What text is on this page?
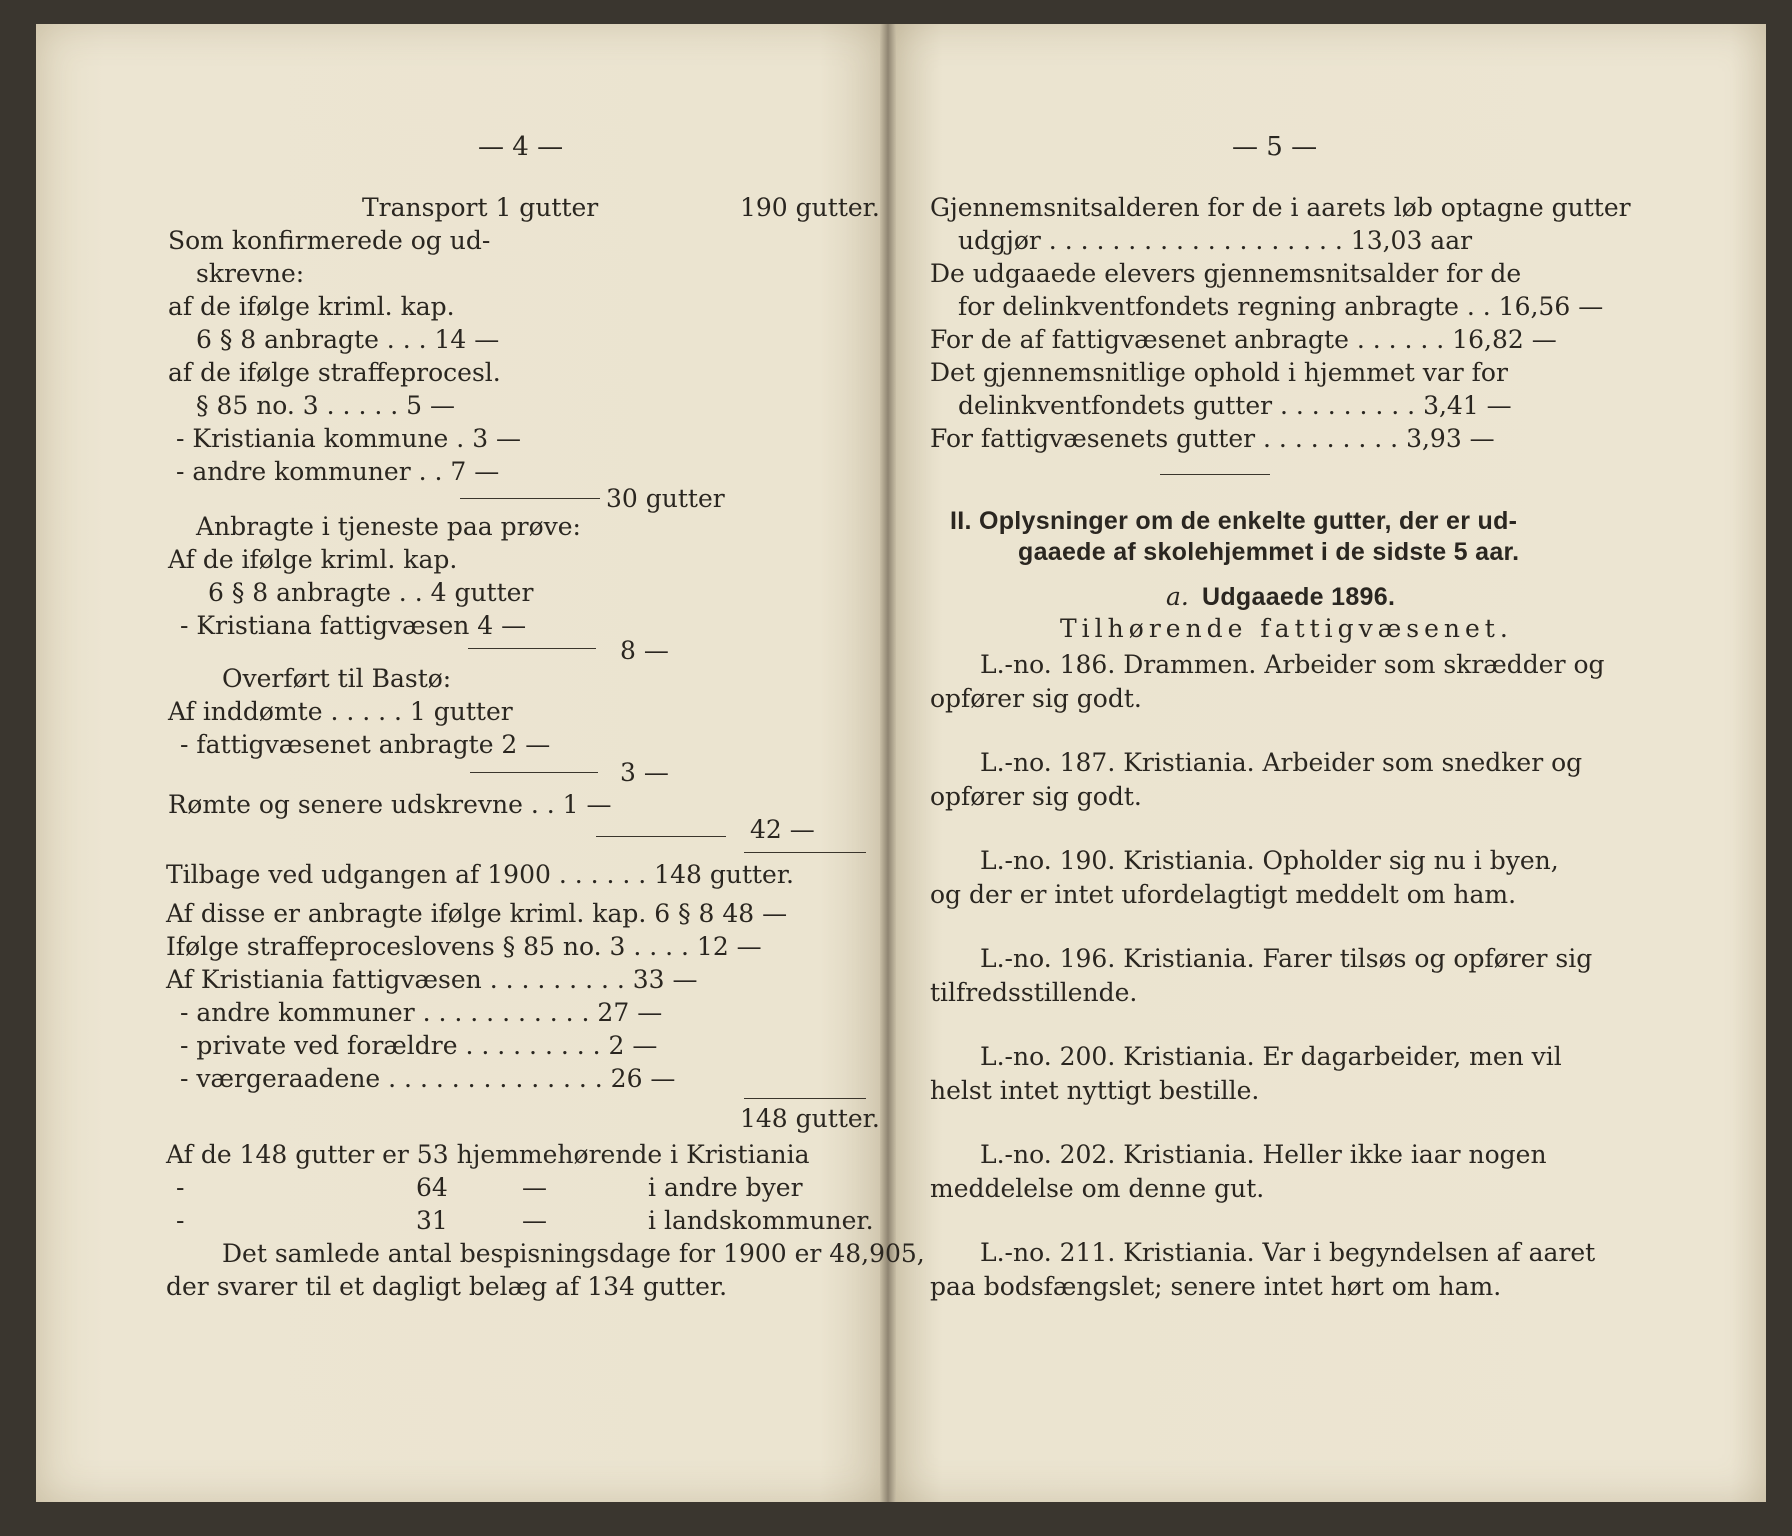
— 4 —
Transport 1 gutter	190 gutter.
Som konfirmerede og ud-
skrevne:
af de ifølge kriml. kap.
6 § 8 anbragte . . . 14 —
af de ifølge straffeprocesl.
§ 85 no. 3 . . . . . 5 —
- Kristiania kommune . 3 —
- andre kommuner . . 7 —
30 gutter
Anbragte i tjeneste paa prøve:
Af de ifølge kriml. kap.
6 § 8 anbragte . . 4 gutter
- Kristiana fattigvæsen 4 —
8 —
Overført til Bastø:
Af inddømte . . . . . 1 gutter
- fattigvæsenet anbragte 2 —
3 —
Rømte og senere udskrevne . . 1 —
42 —
Tilbage ved udgangen af 1900 . . . . . . 148 gutter.
Af disse er anbragte ifølge kriml. kap. 6 § 8 48 —
Ifølge straffeproceslovens § 85 no. 3 . . . . 12 —
Af Kristiania fattigvæsen . . . . . . . . . 33 —
- andre kommuner . . . . . . . . . . . 27 —
- private ved forældre . . . . . . . . . 2 —
- værgeraadene . . . . . . . . . . . . . . 26 —
148 gutter.
Af de 148 gutter er 53 hjemmehørende i Kristiania
-	64	—	i andre byer
-	31	—	i landskommuner.
Det samlede antal bespisningsdage for 1900 er 48,905,
der svarer til et dagligt belæg af 134 gutter.
— 5 —
Gjennemsnitsalderen for de i aarets løb optagne gutter
udgjør . . . . . . . . . . . . . . . . . . . 13,03 aar
De udgaaede elevers gjennemsnitsalder for de
for delinkventfondets regning anbragte . . 16,56 —
For de af fattigvæsenet anbragte . . . . . . 16,82 —
Det gjennemsnitlige ophold i hjemmet var for
delinkventfondets gutter . . . . . . . . . 3,41 —
For fattigvæsenets gutter . . . . . . . . . 3,93 —
II. Oplysninger om de enkelte gutter, der er ud-
gaaede af skolehjemmet i de sidste 5 aar.
a. Udgaaede 1896.
Tilhørende fattigvæsenet.
L.-no. 186. Drammen. Arbeider som skrædder og
opfører sig godt.
L.-no. 187. Kristiania. Arbeider som snedker og
opfører sig godt.
L.-no. 190. Kristiania. Opholder sig nu i byen,
og der er intet ufordelagtigt meddelt om ham.
L.-no. 196. Kristiania. Farer tilsøs og opfører sig
tilfredsstillende.
L.-no. 200. Kristiania. Er dagarbeider, men vil
helst intet nyttigt bestille.
L.-no. 202. Kristiania. Heller ikke iaar nogen
meddelelse om denne gut.
L.-no. 211. Kristiania. Var i begyndelsen af aaret
paa bodsfængslet; senere intet hørt om ham.
